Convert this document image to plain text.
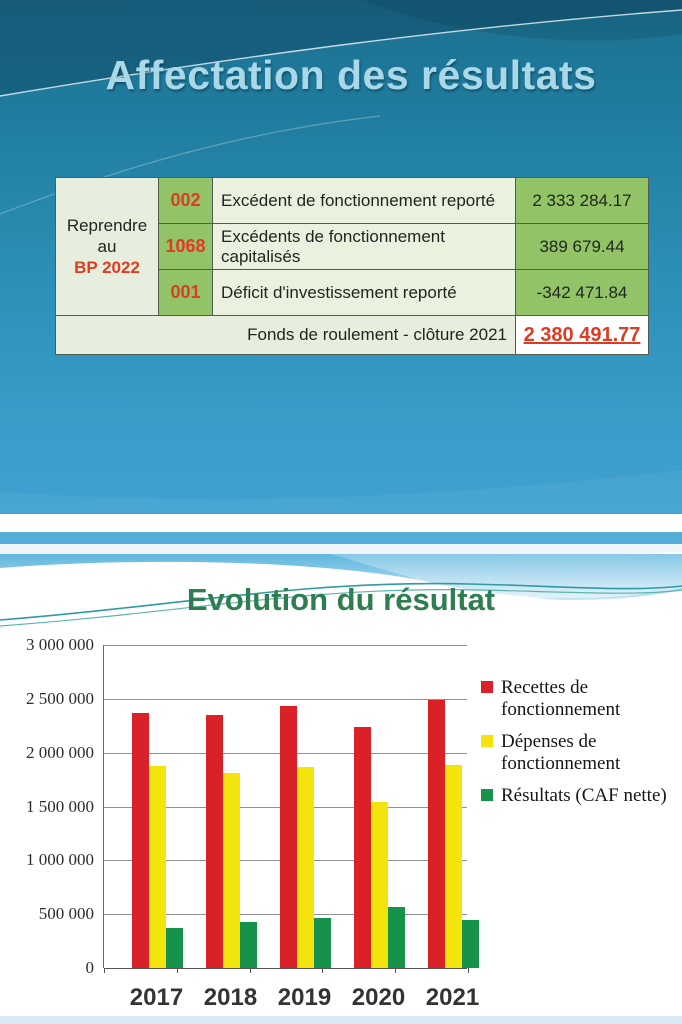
Affectation des résultats
Reprendre au
BP 2022	002	Excédent de fonctionnement reporté	2 333 284.17
	1068	Excédents de fonctionnement capitalisés	389 679.44
	001	Déficit d'investissement reporté	-342 471.84
Fonds de roulement - clôture 2021			2 380 491.77
Evolution du résultat
3 000 000
2 500 000
2 000 000
1 500 000
1 000 000
500 000
0
2017 2018 2019 2020 2021
Recettes de fonctionnement
Dépenses de fonctionnement
Résultats (CAF nette)
